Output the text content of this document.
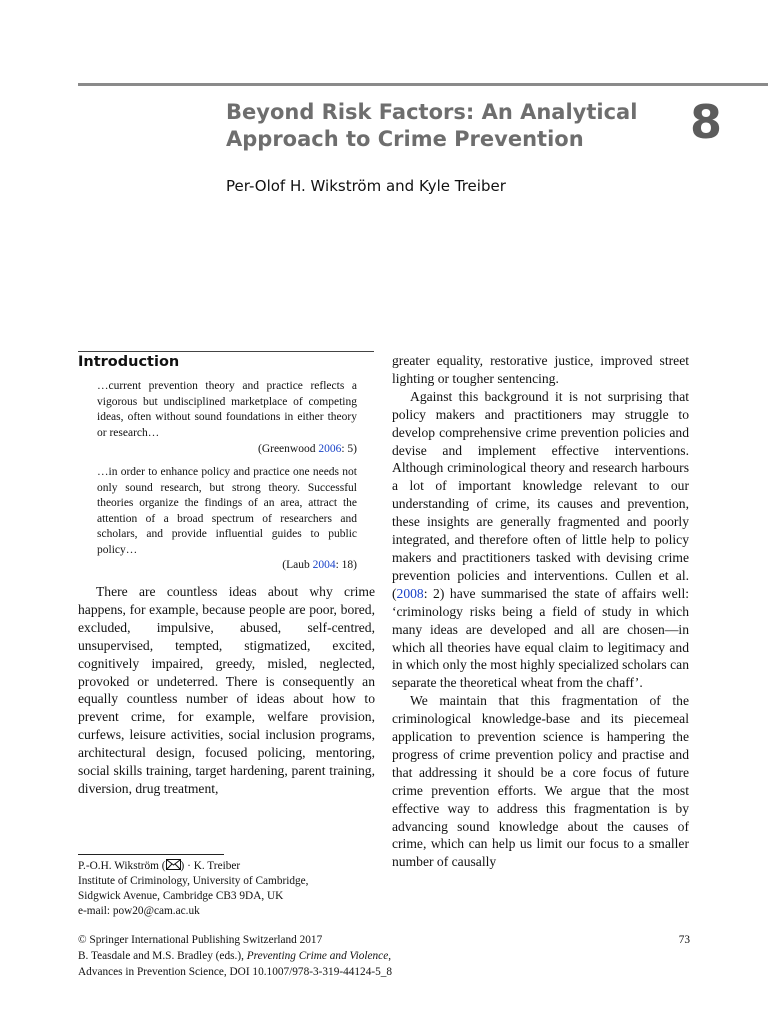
Beyond Risk Factors: An Analytical
Approach to Crime Prevention	8
Per-Olof H. Wikström and Kyle Treiber
Introduction

…current prevention theory and practice reflects a vigorous but undisciplined marketplace of competing ideas, often without sound foundations in either theory or research…

(Greenwood 2006: 5)

…in order to enhance policy and practice one needs not only sound research, but strong theory. Successful theories organize the findings of an area, attract the attention of a broad spectrum of researchers and scholars, and provide influential guides to public policy…

(Laub 2004: 18)

There are countless ideas about why crime happens, for example, because people are poor, bored, excluded, impulsive, abused, self-centred, unsupervised, tempted, stigmatized, excited, cognitively impaired, greedy, misled, neglected, provoked or undeterred. There is consequently an equally countless number of ideas about how to prevent crime, for example, welfare provision, curfews, leisure activities, social inclusion programs, architectural design, focused policing, mentoring, social skills training, target hardening, parent training, diversion, drug treatment,

greater equality, restorative justice, improved street lighting or tougher sentencing.

Against this background it is not surprising that policy makers and practitioners may struggle to develop comprehensive crime prevention policies and devise and implement effective interventions. Although criminological theory and research harbours a lot of important knowledge relevant to our understanding of crime, its causes and prevention, these insights are generally fragmented and poorly integrated, and therefore often of little help to policy makers and practitioners tasked with devising crime prevention policies and interventions. Cullen et al. (2008: 2) have summarised the state of affairs well: ‘criminology risks being a field of study in which many ideas are developed and all are chosen—in which all theories have equal claim to legitimacy and in which only the most highly specialized scholars can separate the theoretical wheat from the chaff’.

We maintain that this fragmentation of the criminological knowledge-base and its piecemeal application to prevention science is hampering the progress of crime prevention policy and practise and that addressing it should be a core focus of future crime prevention efforts. We argue that the most effective way to address this fragmentation is by advancing sound knowledge about the causes of crime, which can help us limit our focus to a smaller number of causally

P.-O.H. Wikström ( ) · K. Treiber
Institute of Criminology, University of Cambridge,
Sidgwick Avenue, Cambridge CB3 9DA, UK
e-mail: pow20@cam.ac.uk
© Springer International Publishing Switzerland 2017
B. Teasdale and M.S. Bradley (eds.), Preventing Crime and Violence,
Advances in Prevention Science, DOI 10.1007/978-3-319-44124-5_8
73
